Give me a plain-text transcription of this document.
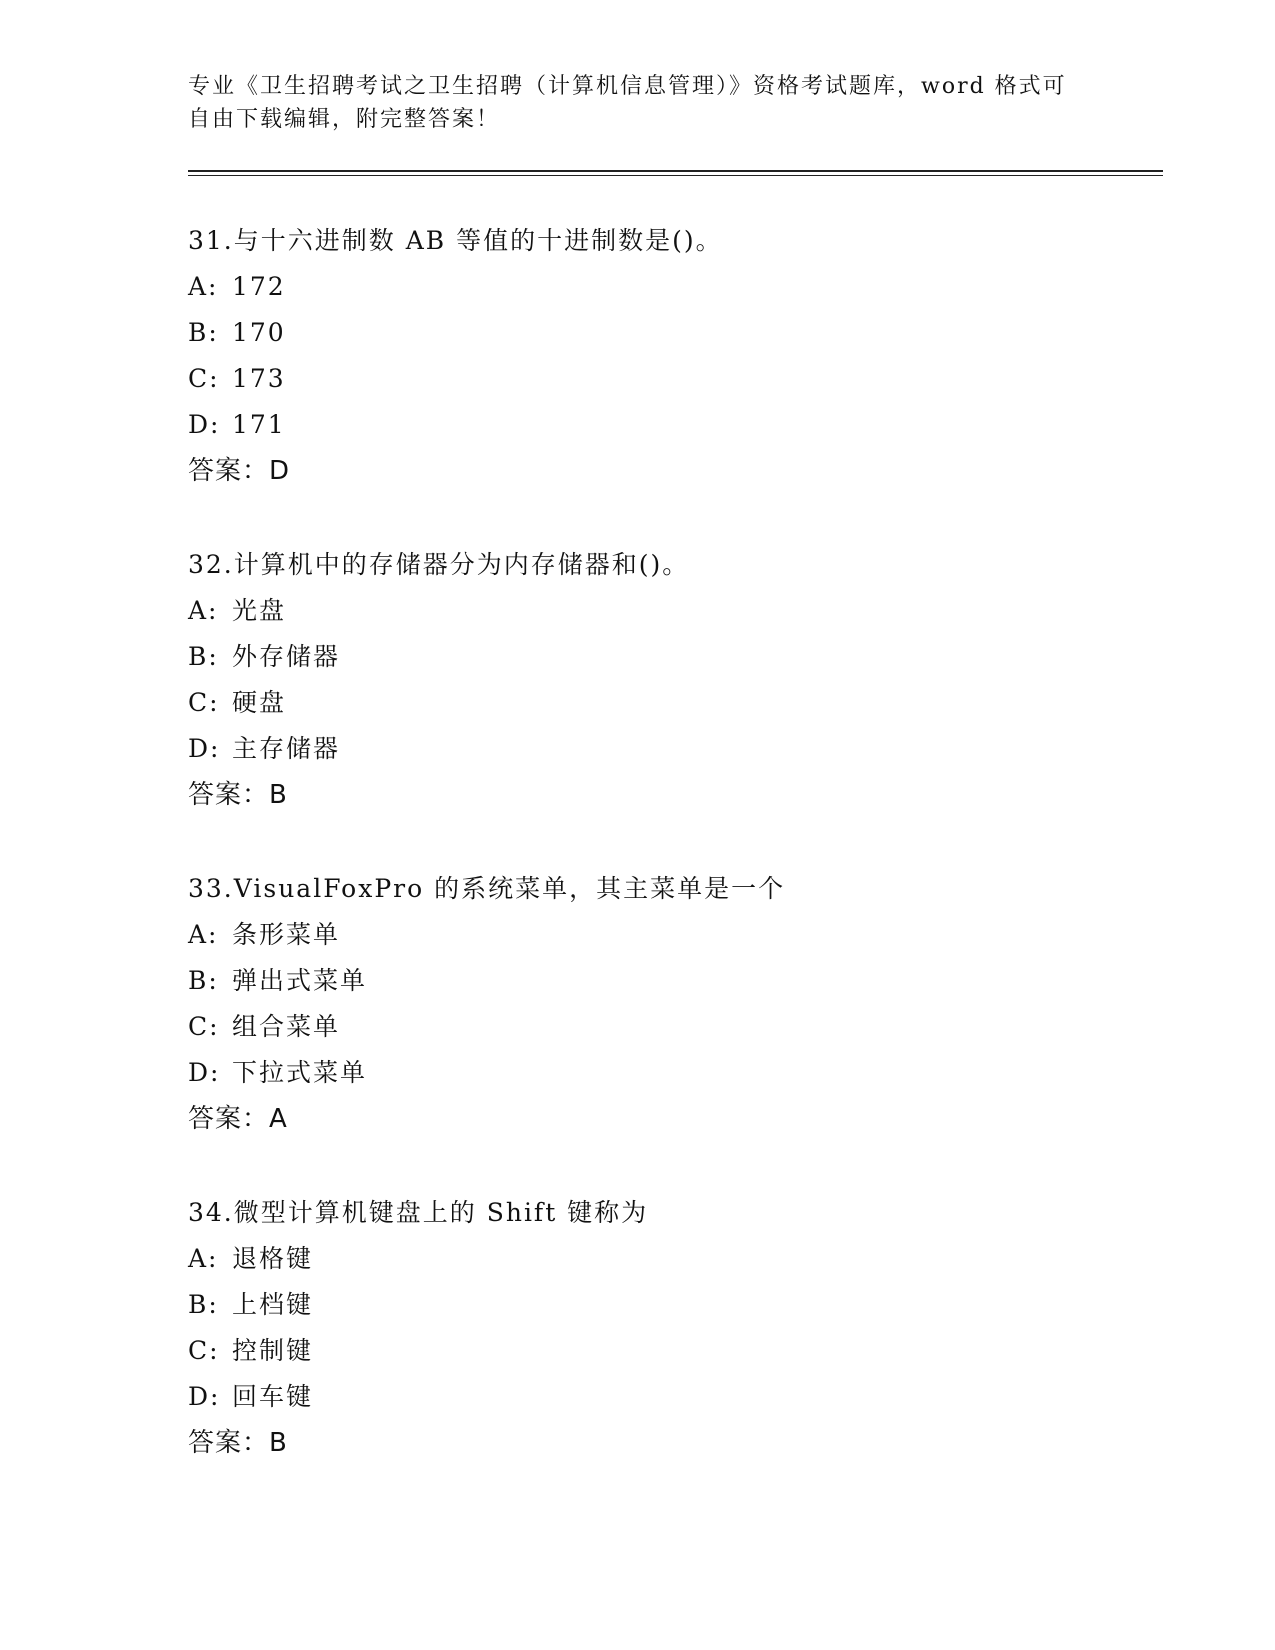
专业《卫生招聘考试之卫生招聘（计算机信息管理）》资格考试题库，word 格式可自由下载编辑，附完整答案！
31.与十六进制数 AB 等值的十进制数是()。
A: 172
B: 170
C: 173
D: 171
答案：D
32.计算机中的存储器分为内存储器和()。
A: 光盘
B: 外存储器
C: 硬盘
D: 主存储器
答案：B
33.VisualFoxPro 的系统菜单，其主菜单是一个
A: 条形菜单
B: 弹出式菜单
C: 组合菜单
D: 下拉式菜单
答案：A
34.微型计算机键盘上的 Shift 键称为
A: 退格键
B: 上档键
C: 控制键
D: 回车键
答案：B
